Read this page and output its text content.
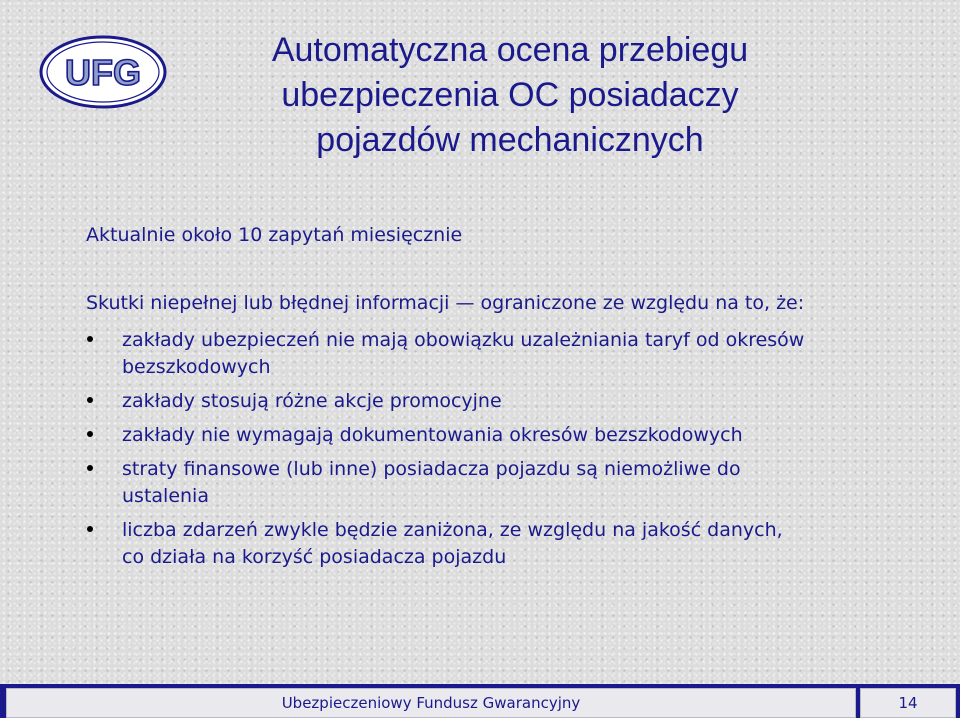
UFG
Automatyczna ocena przebiegu
ubezpieczenia OC posiadaczy
pojazdów mechanicznych
Aktualnie około 10 zapytań miesięcznie
Skutki niepełnej lub błędnej informacji — ograniczone ze względu na to, że:
zakłady ubezpieczeń nie mają obowiązku uzależniania taryf od okresów
bezszkodowych
zakłady stosują różne akcje promocyjne
zakłady nie wymagają dokumentowania okresów bezszkodowych
straty finansowe (lub inne) posiadacza pojazdu są niemożliwe do
ustalenia
liczba zdarzeń zwykle będzie zaniżona, ze względu na jakość danych,
co działa na korzyść posiadacza pojazdu
Ubezpieczeniowy Fundusz Gwarancyjny	14
